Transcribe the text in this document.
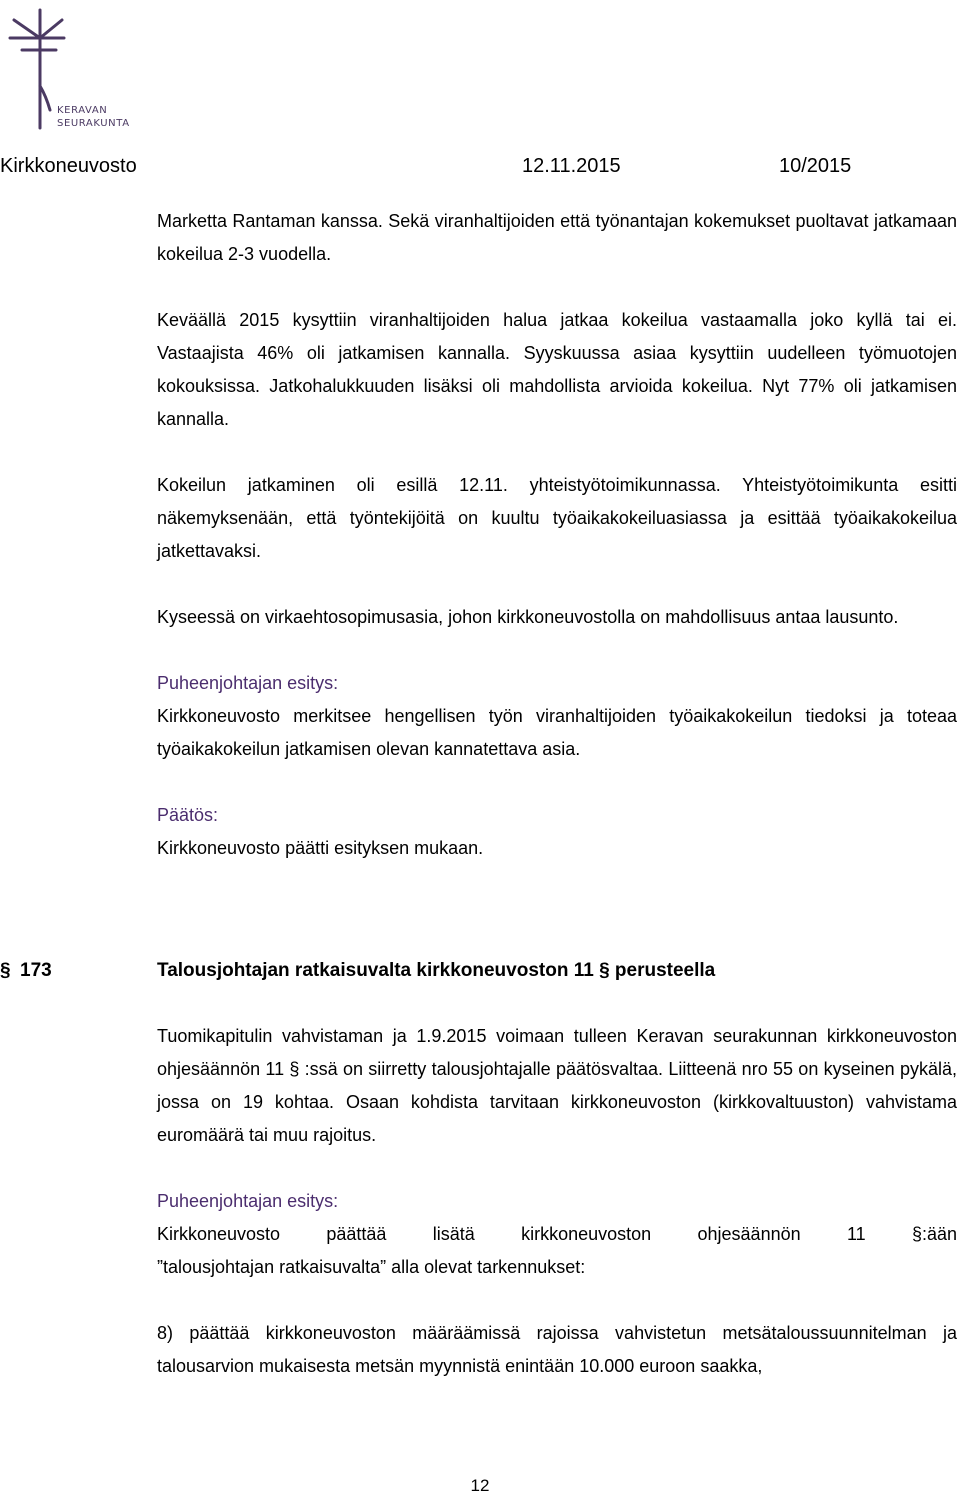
KERAVAN
SEURAKUNTA
Kirkkoneuvosto	12.11.2015	10/2015

Marketta Rantaman kanssa. Sekä viranhaltijoiden että työnantajan kokemukset puoltavat jatkamaan kokeilua 2-3 vuodella.

Keväällä 2015 kysyttiin viranhaltijoiden halua jatkaa kokeilua vastaamalla joko kyllä tai ei. Vastaajista 46% oli jatkamisen kannalla. Syyskuussa asiaa kysyttiin uudelleen työmuotojen kokouksissa. Jatkohalukkuuden lisäksi oli mahdollista arvioida kokeilua. Nyt 77% oli jatkamisen kannalla.

Kokeilun jatkaminen oli esillä 12.11. yhteistyötoimikunnassa. Yhteistyötoimikunta esitti näkemyksenään, että työntekijöitä on kuultu työaikakokeiluasiassa ja esittää työaikakokeilua jatkettavaksi.

Kyseessä on virkaehtosopimusasia, johon kirkkoneuvostolla on mahdollisuus antaa lausunto.

Puheenjohtajan esitys:

Kirkkoneuvosto merkitsee hengellisen työn viranhaltijoiden työaikakokeilun tiedoksi ja toteaa työaikakokeilun jatkamisen olevan kannatettava asia.

Päätös:

Kirkkoneuvosto päätti esityksen mukaan.

§ 173	Talousjohtajan ratkaisuvalta kirkkoneuvoston 11 § perusteella

Tuomikapitulin vahvistaman ja 1.9.2015 voimaan tulleen Keravan seurakunnan kirkkoneuvoston ohjesäännön 11 § :ssä on siirretty talousjohtajalle päätösvaltaa. Liitteenä nro 55 on kyseinen pykälä, jossa on 19 kohtaa. Osaan kohdista tarvitaan kirkkoneuvoston (kirkkovaltuuston) vahvistama euromäärä tai muu rajoitus.

Puheenjohtajan esitys:

Kirkkoneuvosto päättää lisätä kirkkoneuvoston ohjesäännön 11 §:ään

”talousjohtajan ratkaisuvalta” alla olevat tarkennukset:

8) päättää kirkkoneuvoston määräämissä rajoissa vahvistetun metsätaloussuunnitelman ja talousarvion mukaisesta metsän myynnistä enintään 10.000 euroon saakka,

12
